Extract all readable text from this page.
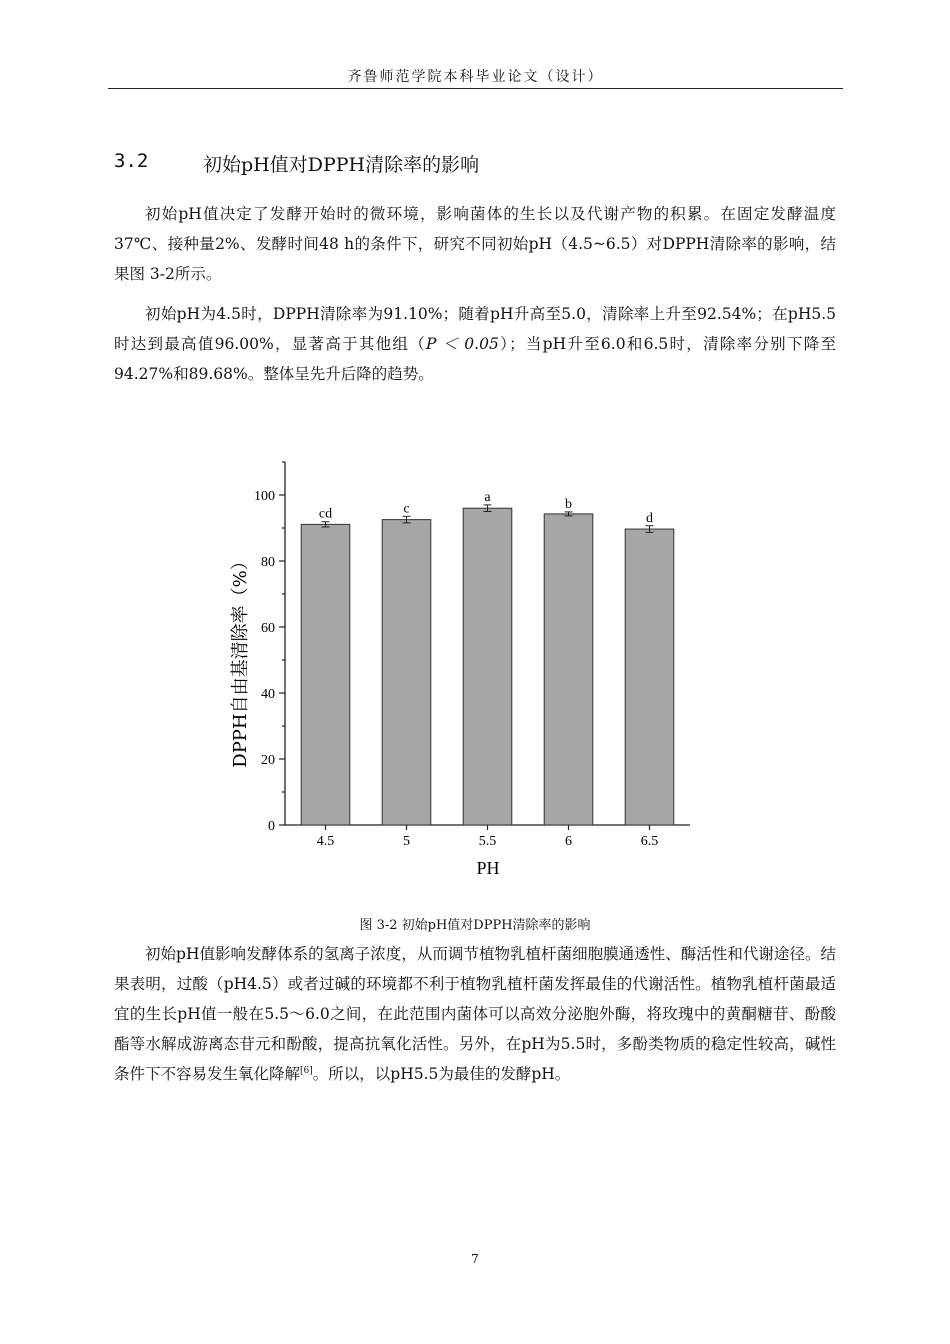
齐鲁师范学院本科毕业论文（设计）
3.2	初始pH值对DPPH清除率的影响

初始pH值决定了发酵开始时的微环境，影响菌体的生长以及代谢产物的积累。在固定发酵温度37℃、接种量2%、发酵时间48 h的条件下，研究不同初始pH（4.5~6.5）对DPPH清除率的影响，结果图 3-2所示。

初始pH为4.5时，DPPH清除率为91.10%；随着pH升高至5.0，清除率上升至92.54%；在pH5.5时达到最高值96.00%，显著高于其他组（P ＜ 0.05）；当pH升至6.0和6.5时，清除率分别下降至94.27%和89.68%。整体呈先升后降的趋势。

0
20
40
60
80
100
4.5	5	5.5	6	6.5
cd	c
a	b
d
PH
DPPH自由基清除率（%）
图 3-2 初始pH值对DPPH清除率的影响

初始pH值影响发酵体系的氢离子浓度，从而调节植物乳植杆菌细胞膜通透性、酶活性和代谢途径。结果表明，过酸（pH4.5）或者过碱的环境都不利于植物乳植杆菌发挥最佳的代谢活性。植物乳植杆菌最适宜的生长pH值一般在5.5～6.0之间，在此范围内菌体可以高效分泌胞外酶，将玫瑰中的黄酮糖苷、酚酸酯等水解成游离态苷元和酚酸，提高抗氧化活性。另外，在pH为5.5时，多酚类物质的稳定性较高，碱性条件下不容易发生氧化降解[6]。所以，以pH5.5为最佳的发酵pH。

7
